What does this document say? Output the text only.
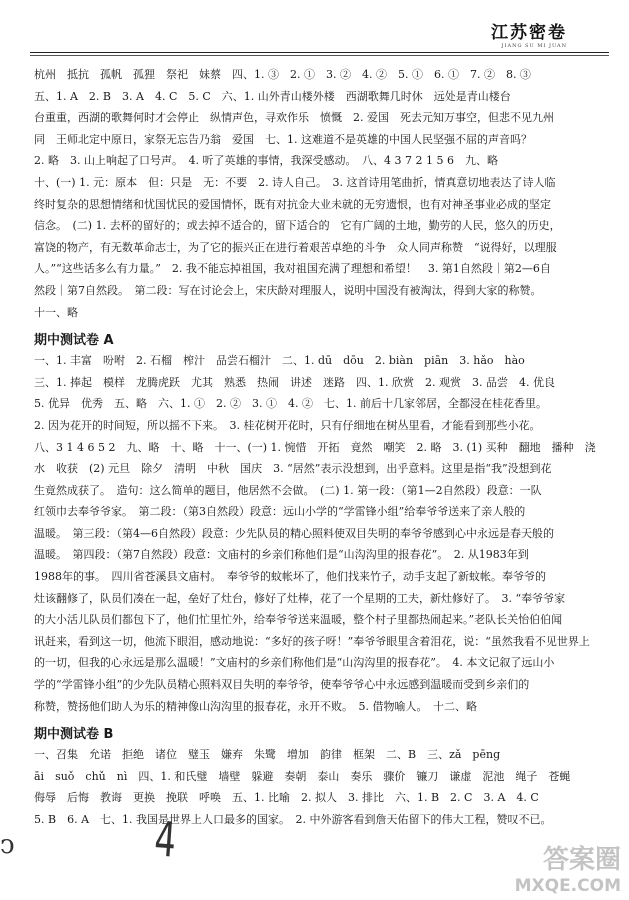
江苏密卷
JIANG SU MI JUAN

杭州　抵抗　孤帆　孤狸　祭祀　妹蔡　四、1. ③　2. ①　3. ②　4. ②　5. ①　6. ①　7. ②　8. ③

五、1. A　2. B　3. A　4. C　5. C　六、1. 山外青山楼外楼　西湖歌舞几时休　远处是青山楼台

台重重，西湖的歌舞何时才会停止　纵情声色，寻欢作乐　愤慨　2. 爱国　死去元知万事空，但悲不见九州

同　王师北定中原日，家祭无忘告乃翁　爱国　七、1. 这难道不是英雄的中国人民坚强不屈的声音吗？

2. 略　3. 山上响起了口号声。　4. 听了英雄的事情，我深受感动。　八、4 3 7 2 1 5 6　九、略

十、(一) 1. 元：原本　但：只是　无：不要　2. 诗人自己。　3. 这首诗用笔曲折，情真意切地表达了诗人临

终时复杂的思想情绪和忧国忧民的爱国情怀，既有对抗金大业未就的无穷遗恨，也有对神圣事业必成的坚定

信念。　(二) 1. 去杯的留好的；或去掉不适合的，留下适合的　它有广阔的土地，勤劳的人民，悠久的历史，

富饶的物产，有无数革命志士，为了它的振兴正在进行着艰苦卓绝的斗争　众人同声称赞　“说得好，以理服

人。”“这些话多么有力量。”　2. 我不能忘掉祖国，我对祖国充满了理想和希望！　3. 第1自然段｜第2—6自

然段｜第7自然段。　第二段：写在讨论会上，宋庆龄对理服人，说明中国没有被淘汰，得到大家的称赞。

十一、略

期中测试卷 A

一、1. 丰富　吩咐　2. 石榴　榨汁　品尝石榴汁　二、1. dū　dōu　2. biàn　piān　3. hǎo　hào

三、1. 捧起　模样　龙腾虎跃　尤其　熟悉　热闹　讲述　迷路　四、1. 欣赏　2. 观赏　3. 品尝　4. 优良

5. 优异　优秀　五、略　六、1. ①　2. ②　3. ①　4. ②　七、1. 前后十几家邻居，全都浸在桂花香里。

2. 因为花开的时间短，所以摇不下来。　3. 桂花树开花时，只有仔细地在树丛里看，才能看到那些小花。

八、3 1 4 6 5 2　九、略　十、略　十一、(一) 1. 惋惜　开拓　竟然　嘲笑　2. 略　3. (1) 买种　翻地　播种　浇

水　收获　(2) 元旦　除夕　清明　中秋　国庆　3. “居然”表示没想到，出乎意料。这里是指“我”没想到花

生竟然成获了。　造句：这么简单的题目，他居然不会做。　(二) 1. 第一段：（第1—2自然段）段意：一队

红领巾去奉爷爷家。　第二段：（第3自然段）段意：远山小学的“学雷锋小组”给奉爷爷送来了亲人般的

温暖。　第三段：（第4—6自然段）段意：少先队员的精心照料使双目失明的奉爷爷感到心中永远是春天般的

温暖。　第四段：（第7自然段）段意：文庙村的乡亲们称他们是“山沟沟里的报春花”。　2. 从1983年到

1988年的事。　四川省苍溪县文庙村。　奉爷爷的蚊帐坏了，他们找来竹子，动手支起了新蚊帐。奉爷爷的

灶该翻修了，队员们凑在一起，垒好了灶台，修好了灶棒，花了一个星期的工夫，新灶修好了。　3. “奉爷爷家

的大小活儿队员们都包下了，他们忙里忙外，给奉爷爷送来温暖，整个村子里都热闹起来。”老队长关怡伯伯闻

讯赶来，看到这一切，他流下眼泪，感动地说：“多好的孩子呀！”奉爷爷眼里含着泪花，说：“虽然我看不见世界上

的一切，但我的心永远是那么温暖！”文庙村的乡亲们称他们是“山沟沟里的报春花”。　4. 本文记叙了远山小

学的“学雷锋小组”的少先队员精心照料双目失明的奉爷爷，使奉爷爷心中永远感到温暖而受到乡亲们的

称赞，赞扬他们助人为乐的精神像山沟沟里的报春花，永开不败。　5. 借物喻人。　十二、略

期中测试卷 B

一、召集　允诺　拒绝　诸位　璧玉　嫌弃　朱鹭　增加　韵律　框架　二、B　三、zǎ　pēng

āi　suǒ　chǔ　nì　四、1. 和氏璧　墙壁　躲避　奏朝　泰山　奏乐　骤价　镰刀　谦虚　泥池　绳子　苍蝇

侮辱　后悔　教诲　更换　挽联　呼唤　五、1. 比喻　2. 拟人　3. 排比　六、1. B　2. C　3. A　4. C

5. B　6. A　七、1. 我国是世界上人口最多的国家。　2. 中外游客看到詹天佑留下的伟大工程，赞叹不已。

4
ↄ	答案圈
MXQE.COM
